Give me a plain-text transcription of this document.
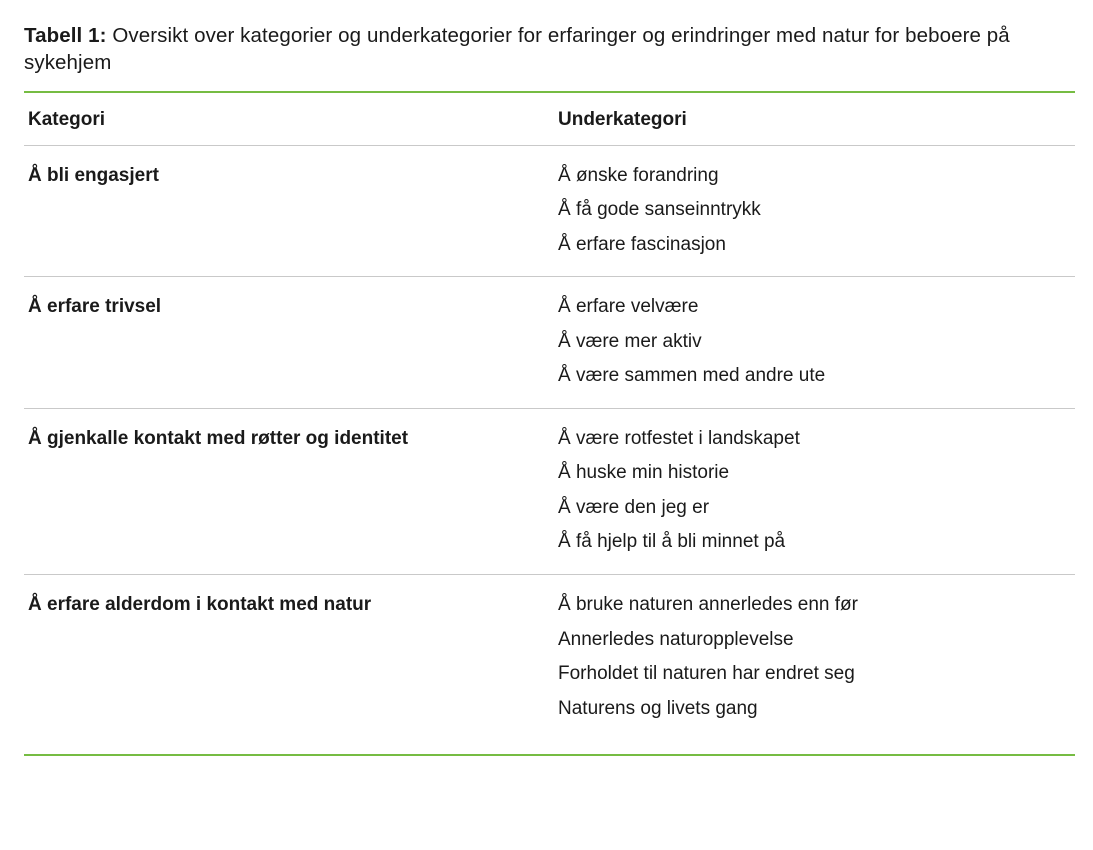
Tabell 1: Oversikt over kategorier og underkategorier for erfaringer og erindringer med natur for beboere på sykehjem

Kategori	Underkategori
Å bli engasjert	Å ønske forandring
Å få gode sanseinntrykk
Å erfare fascinasjon

Å erfare trivsel	Å erfare velvære
Å være mer aktiv
Å være sammen med andre ute

Å gjenkalle kontakt med røtter og identitet	Å være rotfestet i landskapet
Å huske min historie
Å være den jeg er
Å få hjelp til å bli minnet på

Å erfare alderdom i kontakt med natur	Å bruke naturen annerledes enn før
Annerledes naturopplevelse
Forholdet til naturen har endret seg
Naturens og livets gang
